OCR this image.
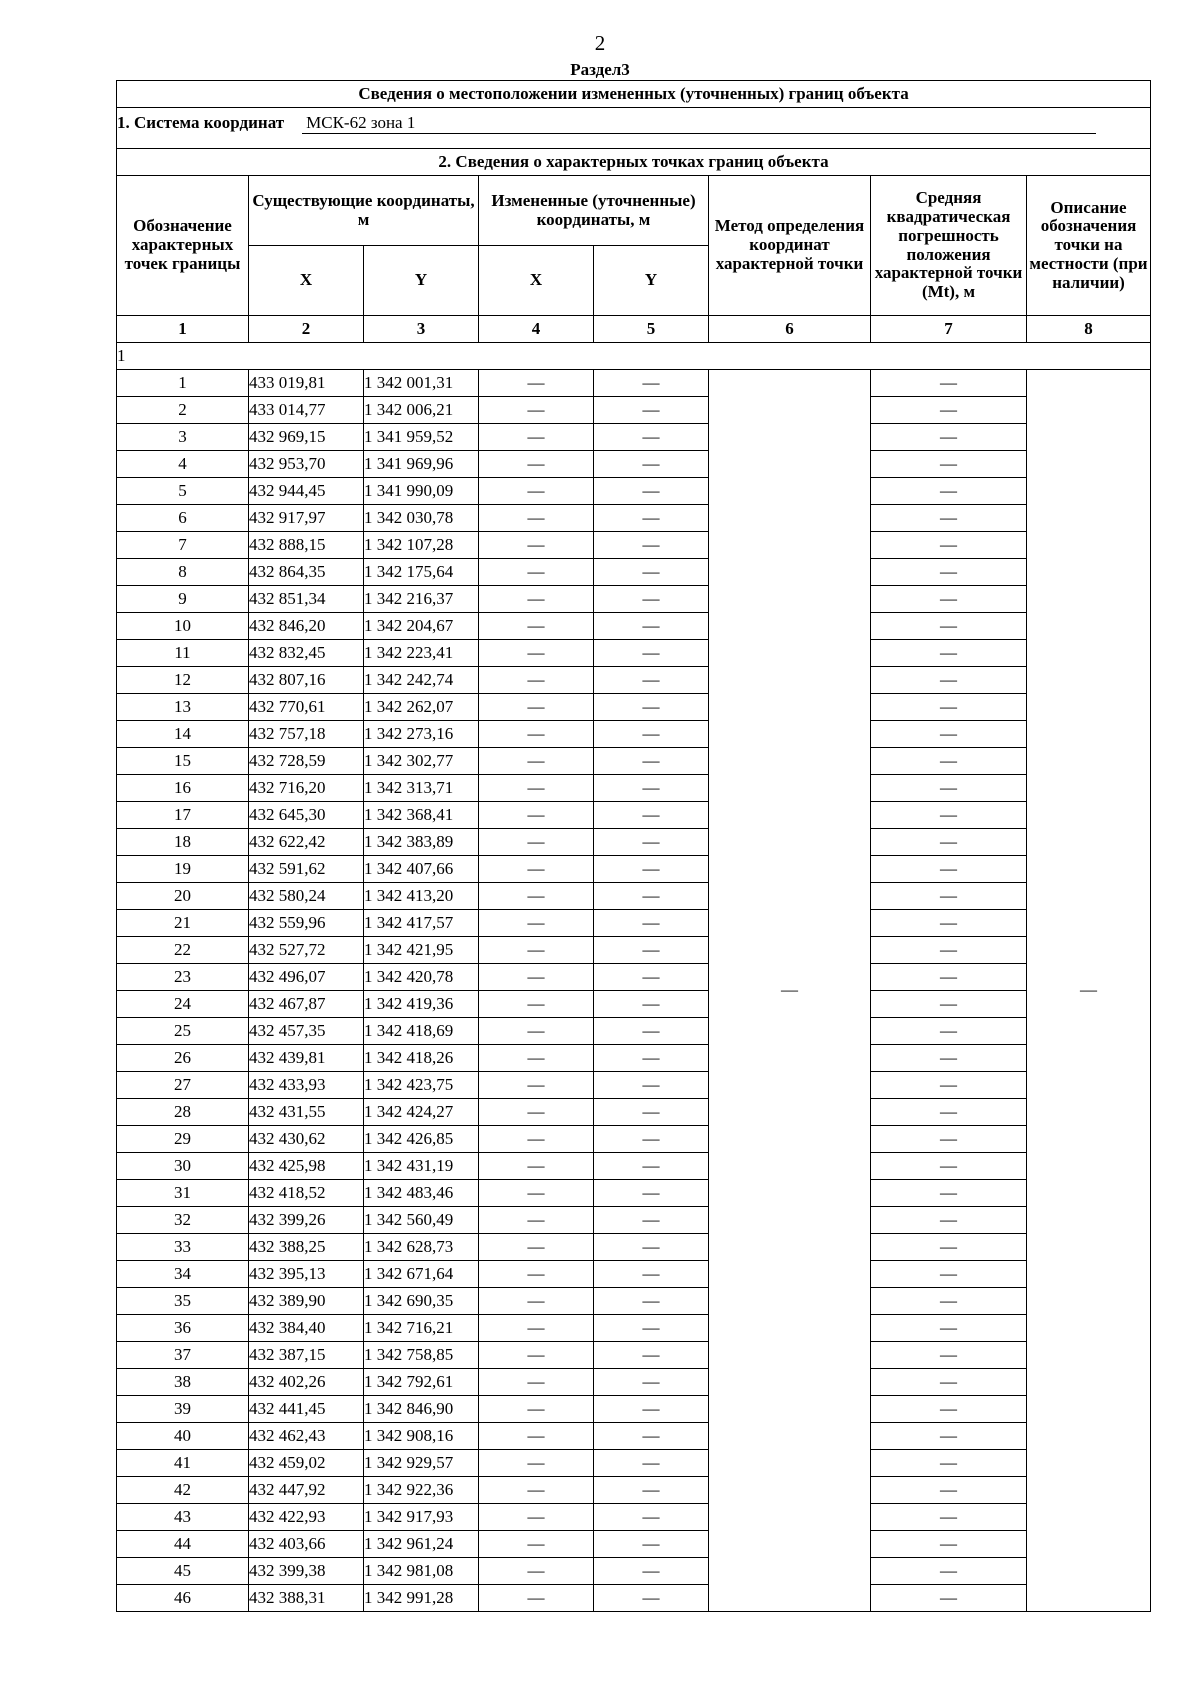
2
Раздел3
Сведения о местоположении измененных (уточненных) границ объекта							
1. Система координат МСК-62 зона 1							
2. Сведения о характерных точках границ объекта							
Обозначение характерных точек границы	Существующие координаты, м		Измененные (уточненные) координаты, м		Метод определения координат характерной точки	Средняя квадратическая погрешность положения характерной точки (Mt), м	Описание обозначения точки на местности (при наличии)
	X	Y	X	Y			
1	2	3	4	5	6	7	8
1							
1	433 019,81	1 342 001,31	—	—	—	—	—
2	433 014,77	1 342 006,21	—	—		—	
3	432 969,15	1 341 959,52	—	—		—	
4	432 953,70	1 341 969,96	—	—		—	
5	432 944,45	1 341 990,09	—	—		—	
6	432 917,97	1 342 030,78	—	—		—	
7	432 888,15	1 342 107,28	—	—		—	
8	432 864,35	1 342 175,64	—	—		—	
9	432 851,34	1 342 216,37	—	—		—	
10	432 846,20	1 342 204,67	—	—		—	
11	432 832,45	1 342 223,41	—	—		—	
12	432 807,16	1 342 242,74	—	—		—	
13	432 770,61	1 342 262,07	—	—		—	
14	432 757,18	1 342 273,16	—	—		—	
15	432 728,59	1 342 302,77	—	—		—	
16	432 716,20	1 342 313,71	—	—		—	
17	432 645,30	1 342 368,41	—	—		—	
18	432 622,42	1 342 383,89	—	—		—	
19	432 591,62	1 342 407,66	—	—		—	
20	432 580,24	1 342 413,20	—	—		—	
21	432 559,96	1 342 417,57	—	—		—	
22	432 527,72	1 342 421,95	—	—		—	
23	432 496,07	1 342 420,78	—	—		—	
24	432 467,87	1 342 419,36	—	—		—	
25	432 457,35	1 342 418,69	—	—		—	
26	432 439,81	1 342 418,26	—	—		—	
27	432 433,93	1 342 423,75	—	—		—	
28	432 431,55	1 342 424,27	—	—		—	
29	432 430,62	1 342 426,85	—	—		—	
30	432 425,98	1 342 431,19	—	—		—	
31	432 418,52	1 342 483,46	—	—		—	
32	432 399,26	1 342 560,49	—	—		—	
33	432 388,25	1 342 628,73	—	—		—	
34	432 395,13	1 342 671,64	—	—		—	
35	432 389,90	1 342 690,35	—	—		—	
36	432 384,40	1 342 716,21	—	—		—	
37	432 387,15	1 342 758,85	—	—		—	
38	432 402,26	1 342 792,61	—	—		—	
39	432 441,45	1 342 846,90	—	—		—	
40	432 462,43	1 342 908,16	—	—		—	
41	432 459,02	1 342 929,57	—	—		—	
42	432 447,92	1 342 922,36	—	—		—	
43	432 422,93	1 342 917,93	—	—		—	
44	432 403,66	1 342 961,24	—	—		—	
45	432 399,38	1 342 981,08	—	—		—	
46	432 388,31	1 342 991,28	—	—		—	
